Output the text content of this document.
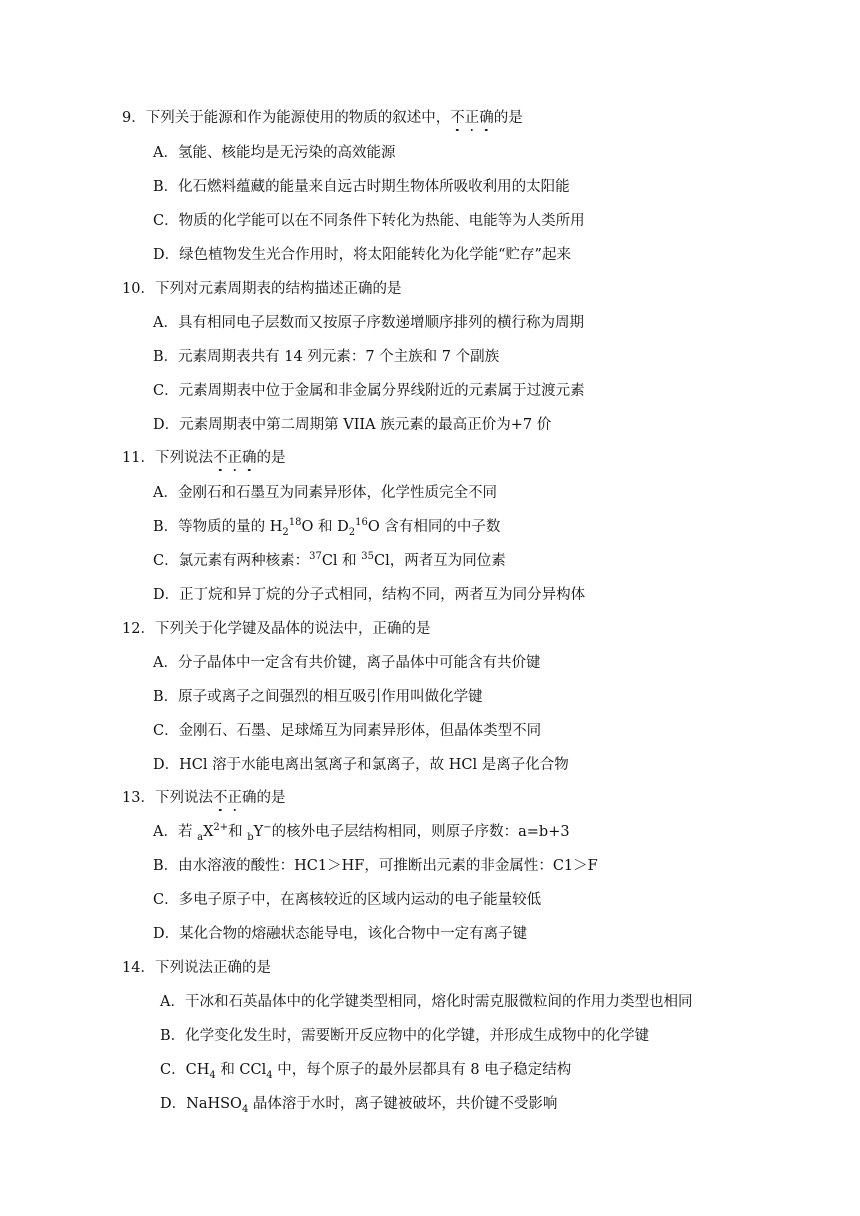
9．下列关于能源和作为能源使用的物质的叙述中，不正确的是
A．氢能、核能均是无污染的高效能源
B．化石燃料蕴藏的能量来自远古时期生物体所吸收利用的太阳能
C．物质的化学能可以在不同条件下转化为热能、电能等为人类所用
D．绿色植物发生光合作用时，将太阳能转化为化学能“贮存”起来
10．下列对元素周期表的结构描述正确的是
A．具有相同电子层数而又按原子序数递增顺序排列的横行称为周期
B．元素周期表共有 14 列元素：7 个主族和 7 个副族
C．元素周期表中位于金属和非金属分界线附近的元素属于过渡元素
D．元素周期表中第二周期第 VIIA 族元素的最高正价为+7 价
11．下列说法不正确的是
A．金刚石和石墨互为同素异形体，化学性质完全不同
B．等物质的量的 $H_2^{18}O$ 和 $D_2^{16}O$ 含有相同的中子数
C．氯元素有两种核素：$^{37}$Cl 和 $^{35}$Cl，两者互为同位素
D．正丁烷和异丁烷的分子式相同，结构不同，两者互为同分异构体
12．下列关于化学键及晶体的说法中，正确的是
A．分子晶体中一定含有共价键，离子晶体中可能含有共价键
B．原子或离子之间强烈的相互吸引作用叫做化学键
C．金刚石、石墨、足球烯互为同素异形体，但晶体类型不同
D．HCl 溶于水能电离出氢离子和氯离子，故 HCl 是离子化合物
13．下列说法不正确的是
A．若 $_aX^{2+}$和 $_b$Y−的核外电子层结构相同，则原子序数：a=b+3
B．由水溶液的酸性：HC1＞HF，可推断出元素的非金属性：C1＞F
C．多电子原子中，在离核较近的区域内运动的电子能量较低
D．某化合物的熔融状态能导电，该化合物中一定有离子键
14．下列说法正确的是
A．干冰和石英晶体中的化学键类型相同，熔化时需克服微粒间的作用力类型也相同
B．化学变化发生时，需要断开反应物中的化学键，并形成生成物中的化学键
C．$CH_4$ 和 CCl$_4$ 中，每个原子的最外层都具有 8 电子稳定结构
D．NaHSO$_4$ 晶体溶于水时，离子键被破坏，共价键不受影响
